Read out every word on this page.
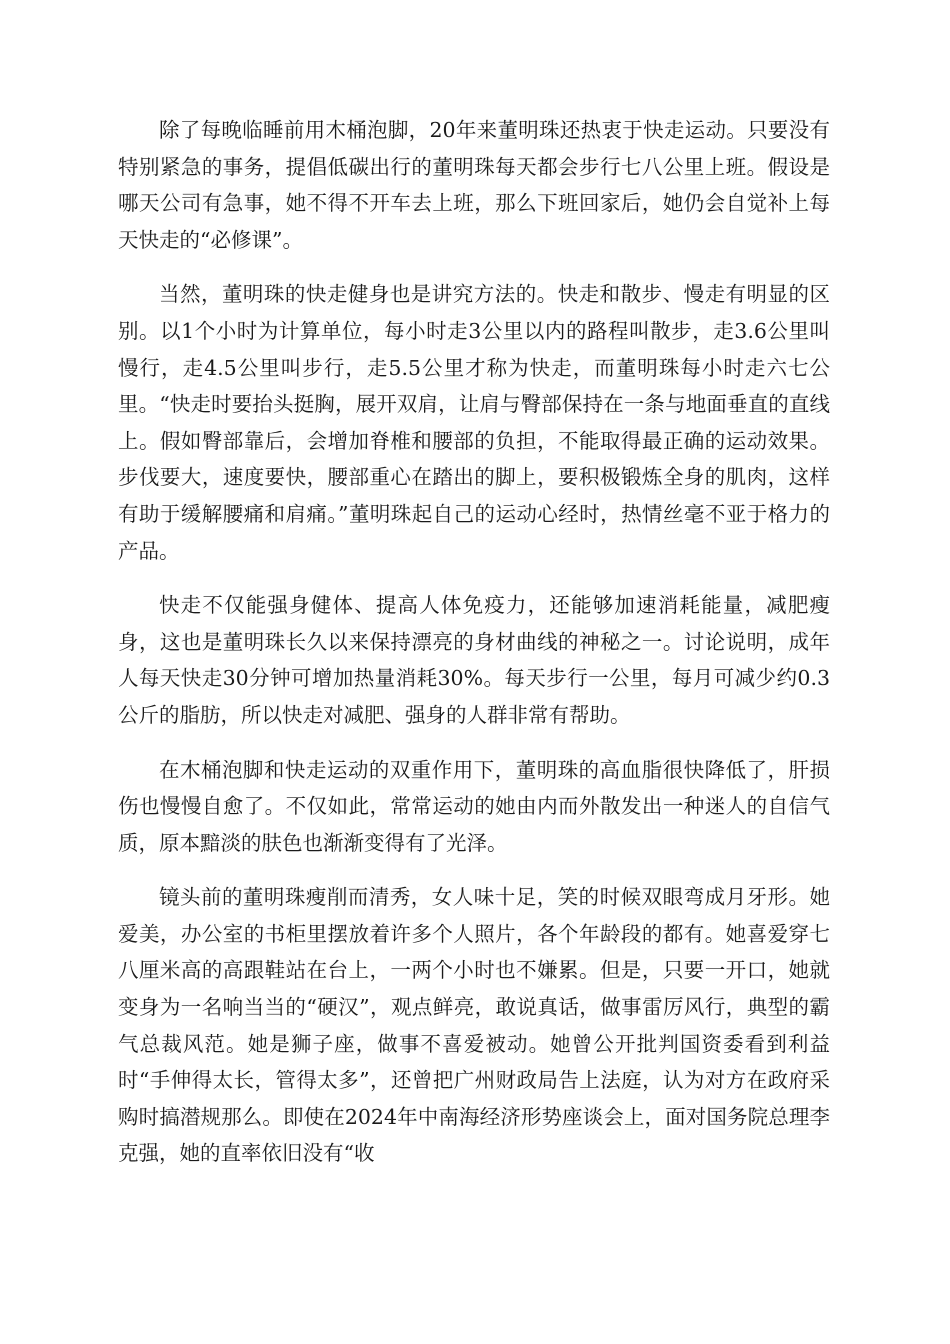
除了每晚临睡前用木桶泡脚，20年来董明珠还热衷于快走运动。只要没有特别紧急的事务，提倡低碳出行的董明珠每天都会步行七八公里上班。假设是哪天公司有急事，她不得不开车去上班，那么下班回家后，她仍会自觉补上每天快走的“必修课”。

当然，董明珠的快走健身也是讲究方法的。快走和散步、慢走有明显的区别。以1个小时为计算单位，每小时走3公里以内的路程叫散步，走3.6公里叫慢行，走4.5公里叫步行，走5.5公里才称为快走，而董明珠每小时走六七公里。“快走时要抬头挺胸，展开双肩，让肩与臀部保持在一条与地面垂直的直线上。假如臀部靠后，会增加脊椎和腰部的负担，不能取得最正确的运动效果。步伐要大，速度要快，腰部重心在踏出的脚上，要积极锻炼全身的肌肉，这样有助于缓解腰痛和肩痛。”董明珠起自己的运动心经时，热情丝毫不亚于格力的产品。

快走不仅能强身健体、提高人体免疫力，还能够加速消耗能量，减肥瘦身，这也是董明珠长久以来保持漂亮的身材曲线的神秘之一。讨论说明，成年人每天快走30分钟可增加热量消耗30%。每天步行一公里，每月可减少约0.3公斤的脂肪，所以快走对减肥、强身的人群非常有帮助。

在木桶泡脚和快走运动的双重作用下，董明珠的高血脂很快降低了，肝损伤也慢慢自愈了。不仅如此，常常运动的她由内而外散发出一种迷人的自信气质，原本黯淡的肤色也渐渐变得有了光泽。

镜头前的董明珠瘦削而清秀，女人味十足，笑的时候双眼弯成月牙形。她爱美，办公室的书柜里摆放着许多个人照片，各个年龄段的都有。她喜爱穿七八厘米高的高跟鞋站在台上，一两个小时也不嫌累。但是，只要一开口，她就变身为一名响当当的“硬汉”，观点鲜亮，敢说真话，做事雷厉风行，典型的霸气总裁风范。她是狮子座，做事不喜爱被动。她曾公开批判国资委看到利益时“手伸得太长，管得太多”，还曾把广州财政局告上法庭，认为对方在政府采购时搞潜规那么。即使在2024年中南海经济形势座谈会上，面对国务院总理李克强，她的直率依旧没有“收
